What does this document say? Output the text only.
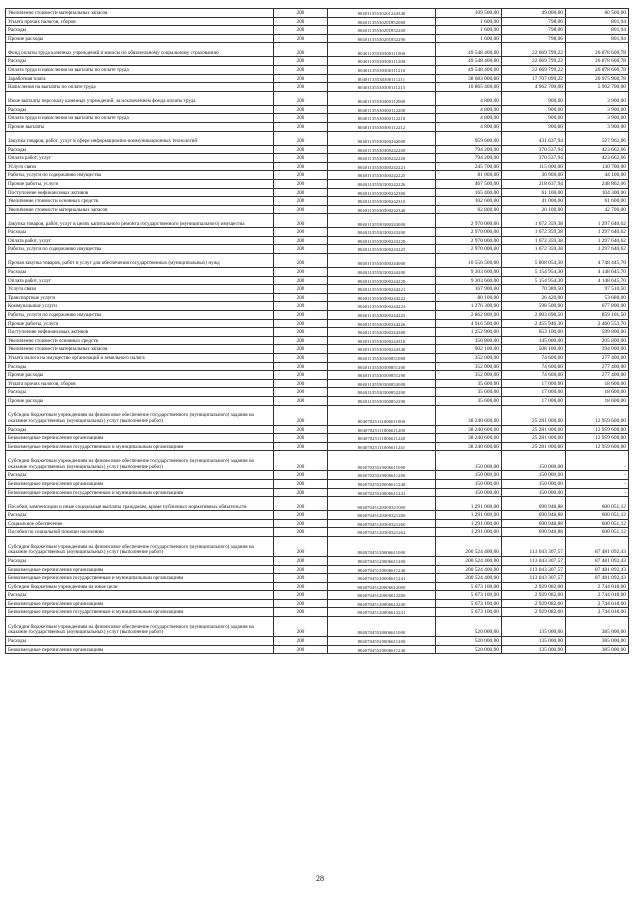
Увеличение стоимости материальных запасов	200	80401135530201244340	109 500,00	49 000,00	60 500,00
Уплата прочих налогов, сборов	200	80401135530201852000	1 600,00	798,06	801,94
Расходы	200	80401135530201852200	1 600,00	798,06	801,94
Прочие расходы	200	80401135530201852290	1 600,00	798,06	801,94
Фонд оплаты труда казенных учреждений и взносы по обязательному социальному страхованию	200	80401135530300111000	49 548 400,00	22 669 799,22	26 878 600,78
Расходы	200	80401135530300111200	49 548 400,00	22 669 799,22	26 878 600,78
Оплата труда и начисления на выплаты по оплате труда	200	80401135530300111210	49 548 400,00	22 669 799,22	26 878 600,78
Заработная плата	200	80401135530300111211	38 683 000,00	17 707 099,22	20 975 900,78
Начисления на выплаты по оплате труда	200	80401135530300111213	10 865 400,00	4 962 700,00	5 902 700,00
Иные выплаты персоналу казенных учреждений, за исключением фонда оплаты труда	200	80401135530300112000	4 800,00	900,00	3 900,00
Расходы	200	80401135530300112200	4 800,00	900,00	3 900,00
Оплата труда и начисления на выплаты по оплате труда	200	80401135530300112210	4 800,00	900,00	3 900,00
Прочие выплаты	200	80401135530300112212	4 800,00	900,00	3 900,00
Закупка товаров, работ, услуг в сфере информационно-коммуникационных технологий	200	80401135530300242000	959 600,00	431 637,94	527 962,06
Расходы	200	80401135530300242200	794 200,00	370 537,94	423 662,06
Оплата работ, услуг	200	80401135530300242220	794 200,00	370 537,94	423 662,06
Услуги связи	200	80401135530300242221	245 700,00	115 000,00	130 700,00
Работы, услуги по содержанию имущества	200	80401135530300242225	81 000,00	36 900,00	44 100,00
Прочие работы, услуги	200	80401135530300242226	467 500,00	218 637,94	248 862,06
Поступление нефинансовых активов	200	80401135530300242300	165 400,00	61 100,00	104 300,00
Увеличение стоимости основных средств	200	80401135530300242310	102 600,00	41 000,00	61 600,00
Увеличение стоимости материальных запасов	200	80401135530300242340	62 800,00	20 100,00	42 700,00
Закупка товаров, работ, услуг в целях капитального ремонта государственного (муниципального) имущества	200	80401135530300243000	2 970 000,00	1 672 359,38	1 297 640,62
Расходы	200	80401135530300243200	2 970 000,00	1 672 359,38	1 297 640,62
Оплата работ, услуг	200	80401135530300243220	2 970 000,00	1 672 359,38	1 297 640,62
Работы, услуги по содержанию имущества	200	80401135530300243225	2 970 000,00	1 672 359,38	1 297 640,62
Прочая закупка товаров, работ и услуг для обеспечения государственных (муниципальных) нужд	200	80401135530300244000	10 556 500,00	5 808 054,30	4 748 445,70
Расходы	200	80401135530300244200	9 303 600,00	5 154 954,30	4 148 645,70
Оплата работ, услуг	200	80401135530300244220	9 303 600,00	5 154 954,30	4 148 645,70
Услуги связи	200	80401135530300244221	167 900,00	70 389,50	97 510,50
Транспортные услуги	200	80401135530300244222	80 100,00	26 420,00	53 680,00
Коммунальные услуги	200	80401135530300244223	1 276 300,00	598 500,00	677 800,00
Работы, услуги по содержанию имущества	200	80401135530300244225	2 862 800,00	2 003 698,50	859 101,50
Прочие работы, услуги	200	80401135530300244226	4 916 500,00	2 455 946,30	2 460 553,70
Поступление нефинансовых активов	200	80401135530300244300	1 252 900,00	653 100,00	599 800,00
Увеличение стоимости основных средств	200	80401135530300244310	350 800,00	145 000,00	205 800,00
Увеличение стоимости материальных запасов	200	80401135530300244340	902 100,00	508 100,00	394 000,00
Уплата налога на имущество организаций и земельного налога	200	80401135530300851000	352 000,00	74 600,00	277 400,00
Расходы	200	80401135530300851200	352 000,00	74 600,00	277 400,00
Прочие расходы	200	80401135530300851290	352 000,00	74 600,00	277 400,00
Уплата прочих налогов, сборов	200	80401135530300852000	35 600,00	17 000,00	18 600,00
Расходы	200	80401135530300852200	35 600,00	17 000,00	18 600,00
Прочие расходы	200	80401135530300852290	35 600,00	17 000,00	18 600,00
Субсидии бюджетным учреждениям на финансовое обеспечение государственного (муниципального) задания на оказание государственных (муниципальных) услуг (выполнение работ)	200	80407025111006611000	38 240 600,00	25 281 000,00	12 959 600,00
Расходы	200	80407025111006611200	38 240 600,00	25 281 000,00	12 959 600,00
Безвозмездные перечисления организациям	200	80407025111006611240	38 240 600,00	25 281 000,00	12 959 600,00
Безвозмездные перечисления государственным и муниципальным организациям	200	80407025111006611241	38 240 600,00	25 281 000,00	12 959 600,00
Субсидии бюджетным учреждениям на финансовое обеспечение государственного (муниципального) задания на оказание государственных (муниципальных) услуг (выполнение работ)	200	80407025520006611000	150 000,00	150 000,00	-
Расходы	200	80407025520006611200	150 000,00	150 000,00	-
Безвозмездные перечисления организациям	200	80407025520006611240	150 000,00	150 000,00	-
Безвозмездные перечисления государственным и муниципальным организациям	200	80407025520006611241	150 000,00	150 000,00	-
Пособия, компенсации и иные социальные выплаты гражданам, кроме публичных нормативных обязательств	200	80407045120300321000	1 291 000,00	690 948,88	600 051,12
Расходы	200	80407045120300321200	1 291 000,00	690 948,88	600 051,12
Социальное обеспечение	200	80407045120300321260	1 291 000,00	690 948,88	600 051,12
Пособия по социальной помощи населению	200	80407045120300321262	1 291 000,00	690 948,88	600 051,12
Субсидии бюджетным учреждениям на финансовое обеспечение государственного (муниципального) задания на оказание государственных (муниципальных) услуг (выполнение работ)	200	80407045120006611000	200 524 400,00	113 043 307,57	87 481 092,43
Расходы	200	80407045120006611200	200 524 400,00	113 043 307,57	87 481 092,43
Безвозмездные перечисления организациям	200	80407045120006611240	200 524 400,00	113 043 307,57	87 481 092,43
Безвозмездные перечисления государственным и муниципальным организациям	200	80407045120006611241	200 524 400,00	113 043 307,57	87 481 092,43
Субсидии бюджетным учреждениям на иные цели	200	80407045120006612000	5 673 100,00	2 929 082,00	2 744 018,00
Расходы	200	80407045120006612200	5 673 100,00	2 929 082,00	2 744 018,00
Безвозмездные перечисления организациям	200	80407045120006612240	5 673 100,00	2 929 082,00	2 744 018,00
Безвозмездные перечисления государственным и муниципальным организациям	200	80407045120006612241	5 673 100,00	2 929 082,00	2 744 018,00
Субсидии бюджетным учреждениям на финансовое обеспечение государственного (муниципального) задания на оказание государственных (муниципальных) услуг (выполнение работ)	200	80407045520006611000	520 000,00	135 000,00	385 000,00
Расходы	200	80407045520006611200	520 000,00	135 000,00	385 000,00
Безвозмездные перечисления организациям	200	80407045520006611240	520 000,00	135 000,00	385 000,00
28
